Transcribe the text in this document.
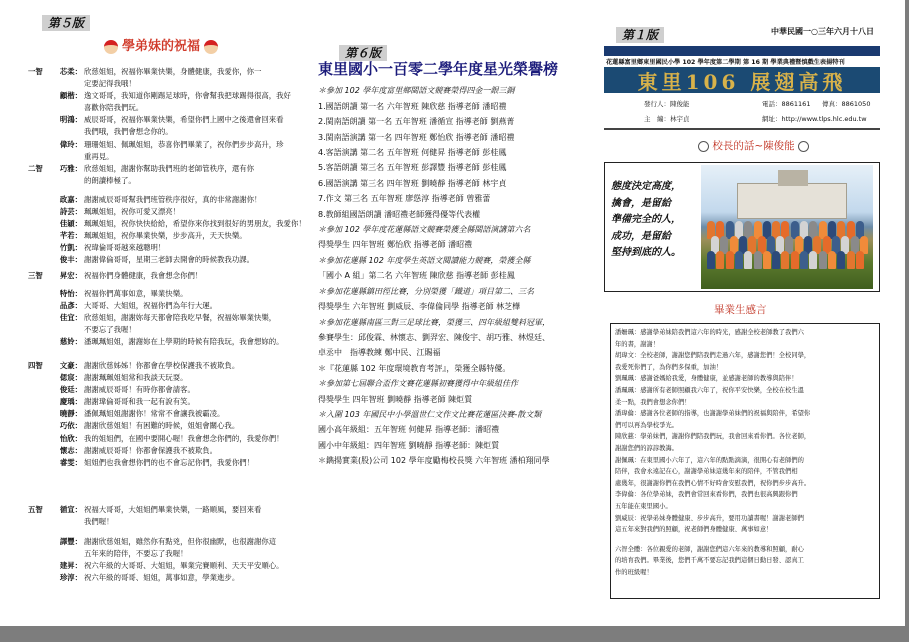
第５版
學弟妹的祝福
一智 芯柔： 欣慈姐姐，祝福你畢業快樂，身體健康，我愛你，你一
定要記得我哦！
顧楷： 逸文哥哥，我知道你剛踢足球時，你會幫我把球踢得很高，我好
喜歡你陪我們玩。
明鴻： 威辰哥哥，祝福你畢業快樂，希望你們上國中之後還會回來看
我們哦，我們會想念你的。
偉玲： 珊珊姐姐、佩珮姐姐，恭喜你們畢業了，祝你們步步高升，珍
重再見。
二智 巧雅： 欣慈姐姐，謝謝你幫助我們班的老師管秩序，還有你
的朗讀棒極了。
政嘉： 謝謝威辰哥哥幫我們班管秩序很好，真的非常謝謝你！
詩芸： 珮珮姐姐，祝你可愛又漂亮！
佳穎： 珮珮姐姐，祝你快快給給，希望你來你找到很好的男朋友，我愛你！
芊若： 珮珮姐姐，祝你畢業快樂，步步高升，天天快樂。
竹凱： 祝瑋倫哥哥越來越聰明！
俊丰： 謝謝偉倫哥哥，星期三老師去開會的時候教我功課。
三智 昇宏： 祝福你們身體健康，我會想念你們！
特怡： 祝福你們萬事如意，畢業快樂。
品彥： 大哥哥、大姐姐，祝福你們為年行大運。
佳宜： 欣慈姐姐，謝謝妳每天都會陪我吃早餐，祝福妳畢業快樂，
不要忘了我喔！
慈姈： 潘珮珮姐姐，謝謝妳在上學期的時候有陪我玩，我會想妳的。
四智 文豪： 謝謝欣慈姊姊！你都會在學校保護我不被欺負。
偲宸： 謝謝珮珮姐姐常和我談天玩耍。
俊廷： 謝謝威辰哥哥！有時你都會請客。
慶瑀： 謝謝瑋倫哥哥和我一起有說有笑。
曉靜： 潘佩珮姐姐謝謝你！常常不會讓我被霸凌。
巧依： 謝謝欣慈姐姐！有困難的時候，姐姐會關心我。
怡欣： 我的姐姐們，在國中要開心喔！我會想念你們的，我愛你們！
懷志： 謝謝威辰哥哥！你都會保護我不被欺負。
睿雯： 姐姐們也我會想你們的也不會忘記你們，我愛你們！
五智 循宣： 祝福大哥哥，大姐姐們畢業快樂，一路順風，要回來看
我們喔！
譯豐： 謝謝欣慈姐姐，雖然你有點兇，但你很幽默，也很謝謝你這
五年來的陪伴，不要忘了我喔！
建昇： 祝六年級的大哥哥、大姐姐，畢業完賽順利、天天平安順心。
珍淳： 祝六年級的哥哥、姐姐，萬事如意，學業進步。
第６版
東里國小一百零二學年度星光榮譽榜
＊參加 102 學年度富里鄉閩語文競賽榮得四金一銀三銅
1.國語朗讀 第一名 六年智班 陳欣慈 指導老師 潘昭禮
2.閩南語朗讀 第一名 五年智班 潘循宣 指導老師 劉燕菁
3.閩南語演講 第一名 四年智班 鄭怡欣 指導老師 潘昭禮
4.客語演講 第二名 五年智班 何健昇 指導老師 彭桂鳳
5.客語朗讀 第三名 五年智班 彭譯豐 指導老師 彭桂鳳
6.國語演講 第三名 四年智班 劉曉靜 指導老師 林宇貞
7.作文 第三名 五年智班 廖慫淳 指導老師 曾雅蕾
8.教師組國語朗讀 潘昭禮老師獲得優等代表權
＊參加 102 學年度花蓮縣語文競賽榮獲全縣閩語演講第六名
得獎學生 四年智班 鄭怡欣 指導老師 潘昭禮
＊參加花蓮縣 102 年度學生英語文閱讀能力競賽，榮獲全縣
「國小 A 組」第二名 六年智班 陳欣慈 指導老師 彭桂鳳
＊參加花蓮縣鎮田徑比賽，分別榮獲「鐵道」項目第二、三名
得獎學生 六年智班 劉威辰、李偉倫同學 指導老師 林芝樺
＊參加花蓮縣南區三對三足球比賽，榮獲三、四年級組雙料冠軍，
參賽學生：邱俊霖、林懷志、劉羿宏、陳俊宇、胡巧雅、林煜廷、
卓丞中　指導教練 鄭中民、江賜福
＊『花蓮縣 102 年度環境教育考評』，榮獲全縣特優。
＊參加第七屆聯合盃作文賽花蓮縣初賽獲得中年級組佳作
得獎學生 四年智班 劉曉靜 指導老師 陳炬質
＊入圍 103 年國民中小學溫世仁文作文比賽花蓮區決賽-散文類
國小高年級組：五年智班 何健昇 指導老師：潘昭禮
國小中年級組：四年智班 劉曉靜 指導老師：陳炬質
＊鐫揚實業(股)公司 102 學年度勵梅校長獎 六年智班 潘柏翔同學
第１版	中華民國一○三年六月十八日
花蓮縣富里鄉東里國民小學 102 學年度第二學期 第 16 期 學業典禮暨慎戲生表揚特刊
東里106 展翅高飛
發行人：陳俊能	電話：8861161 傳真：8861050
主　編：林宇貞	網址：http://www.tlps.hlc.edu.tw
校長的話~陳俊能
態度決定高度，
擒會，是留給
準備完全的人，
成功，是留給
堅持到底的人。
畢業生感言
潘姍珮：感謝學弟妹陪我們這六年的時光，感謝全校老師教了我們六
年的書，謝謝！
胡瑋文：全校老師，謝謝您們陪我們走過六年，感謝您們！全校同學，
我愛死你們了，為你們多保重，加油！
劉珮珮：感謝爸媽給我愛，身體健康，並感謝老師的教導與陪伴！
潘珮珮：感謝所有老師照顧我六年了，祝你平安快樂，全校在校生溫
柔一點，我們會想念你們！
潘瑋倫：感謝各位老師的指導，也謝謝學弟妹們的祝福與陪伴，希望你
們可以再為學校爭光。
陳欣慈：學弟妹們，謝謝你們陪我們玩，我會回來看你們。各位老師，
謝謝您們的諄諄教誨。
謝佩珮：在東里國小六年了，這六年的點點滴滴，很開心有老師們的
陪伴，我會永遠記在心，謝謝學弟妹這幾年來的陪伴，不管我們相
處幾年，很謝謝你們在我們心情不好時會安慰我們，祝你們步步高升。
李偉倫：各位學弟妹，我們會常回來看你們，我們也很高興跟你們
五年能在東里國小。
劉威辰：祝學弟妹身體健康、步步高升，要用功讀書喔！謝謝老師們
這五年來對我們的照顧，祝老師們身體健康、萬事如意！
六智全體：各位親愛的老師，謝謝您們這六年來的教導和照顧，耐心
的培育我們。畢業後，您們千萬不要忘記我們這個日動日發、認真工
作的班級喔！
